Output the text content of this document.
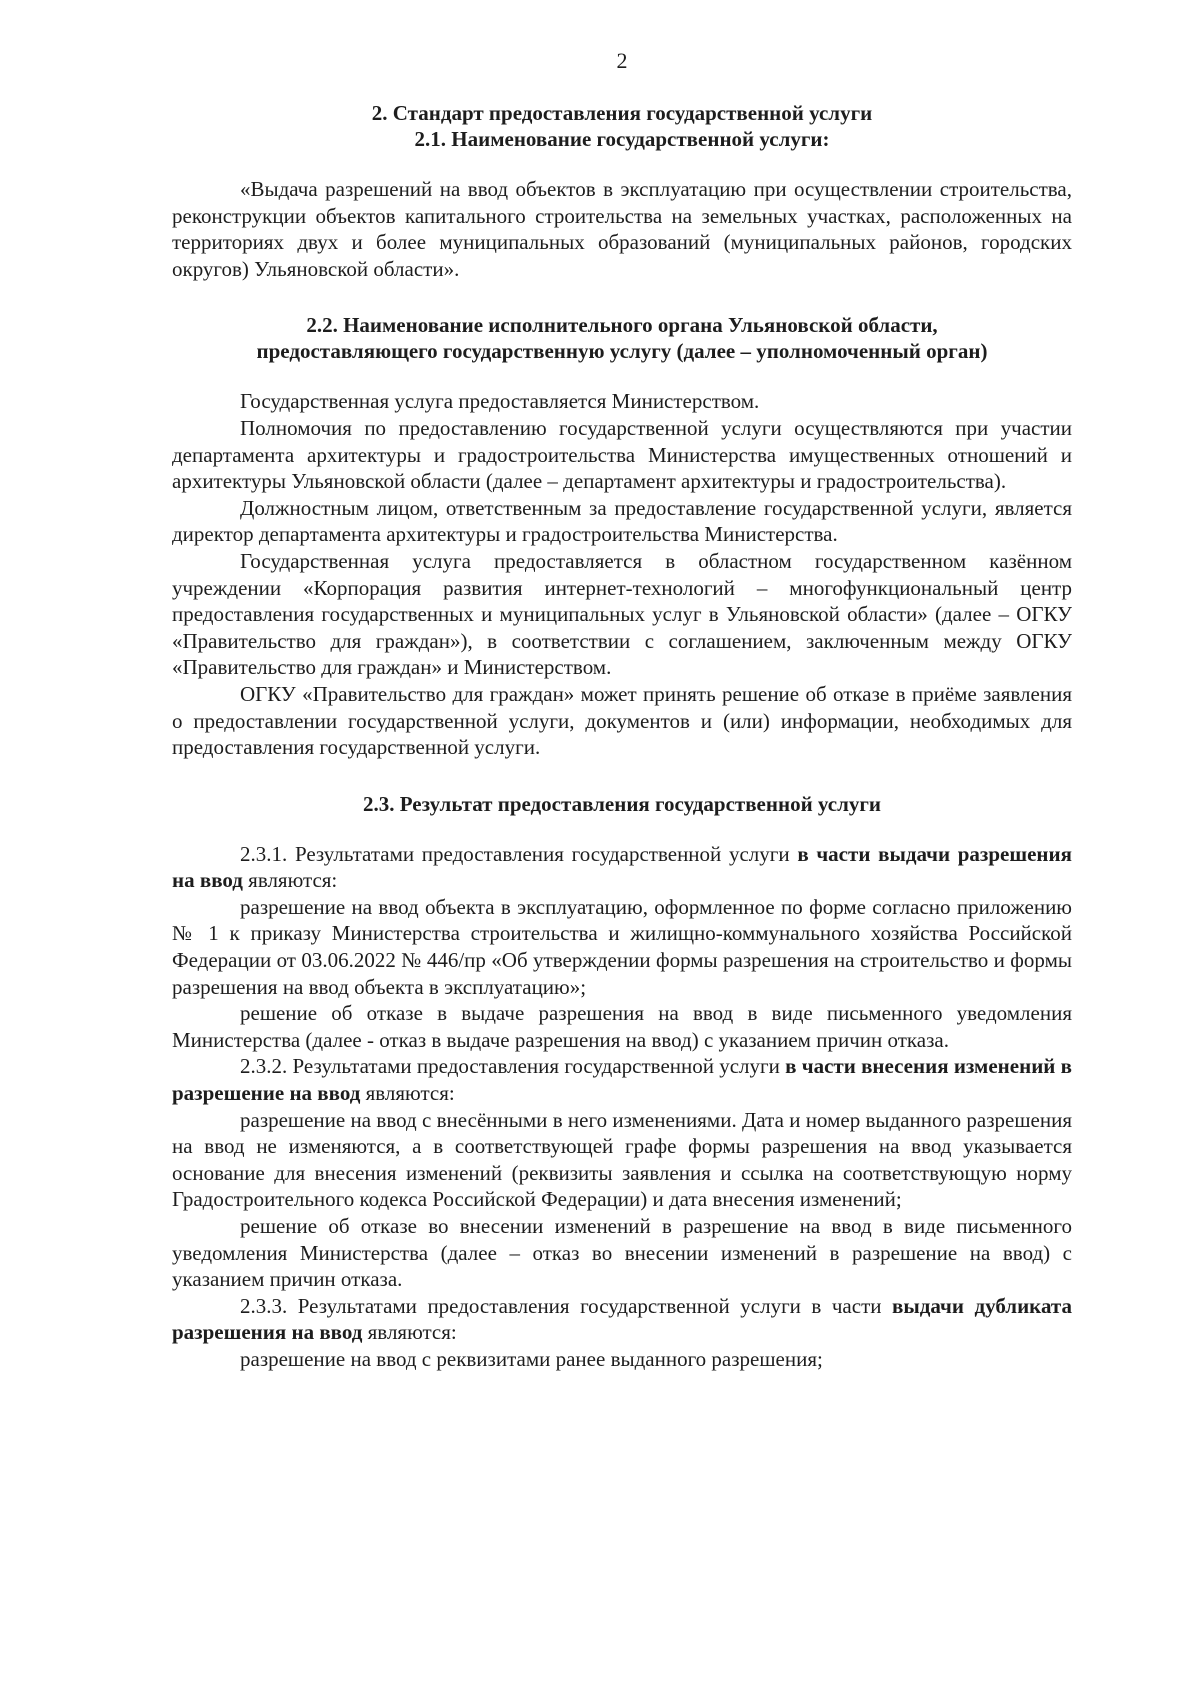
2

2. Стандарт предоставления государственной услуги

2.1. Наименование государственной услуги:

«Выдача разрешений на ввод объектов в эксплуатацию при осуществлении строительства, реконструкции объектов капитального строительства на земельных участках, расположенных на территориях двух и более муниципальных образований (муниципальных районов, городских округов) Ульяновской области».

2.2. Наименование исполнительного органа Ульяновской области,

предоставляющего государственную услугу (далее – уполномоченный орган)

Государственная услуга предоставляется Министерством.

Полномочия по предоставлению государственной услуги осуществляются при участии департамента архитектуры и градостроительства Министерства имущественных отношений и архитектуры Ульяновской области (далее – департамент архитектуры и градостроительства).

Должностным лицом, ответственным за предоставление государственной услуги, является директор департамента архитектуры и градостроительства Министерства.

Государственная услуга предоставляется в областном государственном казённом учреждении «Корпорация развития интернет-технологий – многофункциональный центр предоставления государственных и муниципальных услуг в Ульяновской области» (далее – ОГКУ «Правительство для граждан»), в соответствии с соглашением, заключенным между ОГКУ «Правительство для граждан» и Министерством.

ОГКУ «Правительство для граждан» может принять решение об отказе в приёме заявления о предоставлении государственной услуги, документов и (или) информации, необходимых для предоставления государственной услуги.

2.3. Результат предоставления государственной услуги

2.3.1. Результатами предоставления государственной услуги в части выдачи разрешения на ввод являются:

разрешение на ввод объекта в эксплуатацию, оформленное по форме согласно приложению № 1 к приказу Министерства строительства и жилищно-коммунального хозяйства Российской Федерации от 03.06.2022 № 446/пр «Об утверждении формы разрешения на строительство и формы разрешения на ввод объекта в эксплуатацию»;

решение об отказе в выдаче разрешения на ввод в виде письменного уведомления Министерства (далее - отказ в выдаче разрешения на ввод) с указанием причин отказа.

2.3.2. Результатами предоставления государственной услуги в части внесения изменений в разрешение на ввод являются:

разрешение на ввод с внесёнными в него изменениями. Дата и номер выданного разрешения на ввод не изменяются, а в соответствующей графе формы разрешения на ввод указывается основание для внесения изменений (реквизиты заявления и ссылка на соответствующую норму Градостроительного кодекса Российской Федерации) и дата внесения изменений;

решение об отказе во внесении изменений в разрешение на ввод в виде письменного уведомления Министерства (далее – отказ во внесении изменений в разрешение на ввод) с указанием причин отказа.

2.3.3. Результатами предоставления государственной услуги в части выдачи дубликата разрешения на ввод являются:

разрешение на ввод с реквизитами ранее выданного разрешения;
